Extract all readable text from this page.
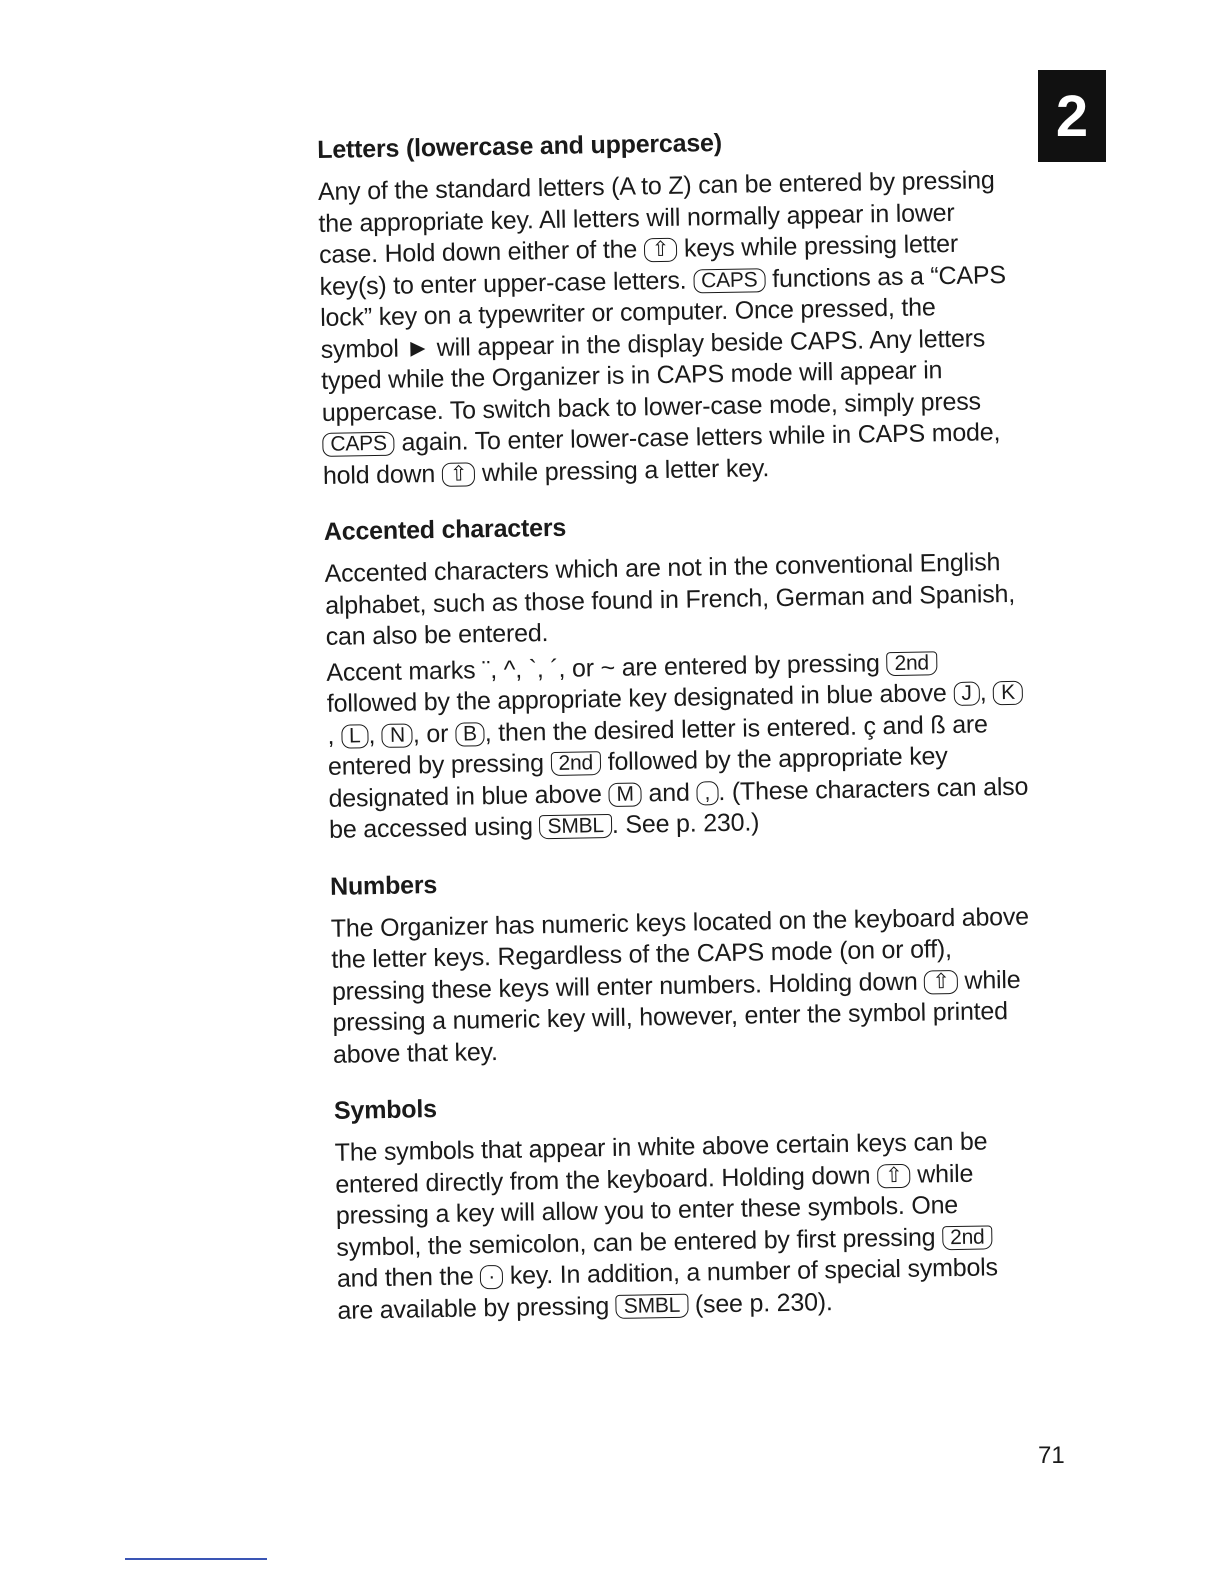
2
Letters (lowercase and uppercase)

Any of the standard letters (A to Z) can be entered by pressing the appropriate key. All letters will normally appear in lower case. Hold down either of the ⇧ keys while pressing letter key(s) to enter upper-case letters. CAPS functions as a “CAPS lock” key on a typewriter or computer. Once pressed, the symbol ► will appear in the display beside CAPS. Any letters typed while the Organizer is in CAPS mode will appear in uppercase. To switch back to lower-case mode, simply press CAPS again. To enter lower-case letters while in CAPS mode, hold down ⇧ while pressing a letter key.

Accented characters

Accented characters which are not in the conventional English alphabet, such as those found in French, German and Spanish, can also be entered.

Accent marks ¨, ^, `, ´, or ~ are entered by pressing 2nd followed by the appropriate key designated in blue above J , K, L , N , or B , then the desired letter is entered. ç and ß are entered by pressing 2nd followed by the appropriate key designated in blue above M and , . (These characters can also be accessed using SMBL . See p. 230.)

Numbers

The Organizer has numeric keys located on the keyboard above the letter keys. Regardless of the CAPS mode (on or off), pressing these keys will enter numbers. Holding down ⇧ while pressing a numeric key will, however, enter the symbol printed above that key.

Symbols

The symbols that appear in white above certain keys can be entered directly from the keyboard. Holding down ⇧ while pressing a key will allow you to enter these symbols. One symbol, the semicolon, can be entered by first pressing 2nd and then the · key. In addition, a number of special symbols are available by pressing SMBL (see p. 230).

71
